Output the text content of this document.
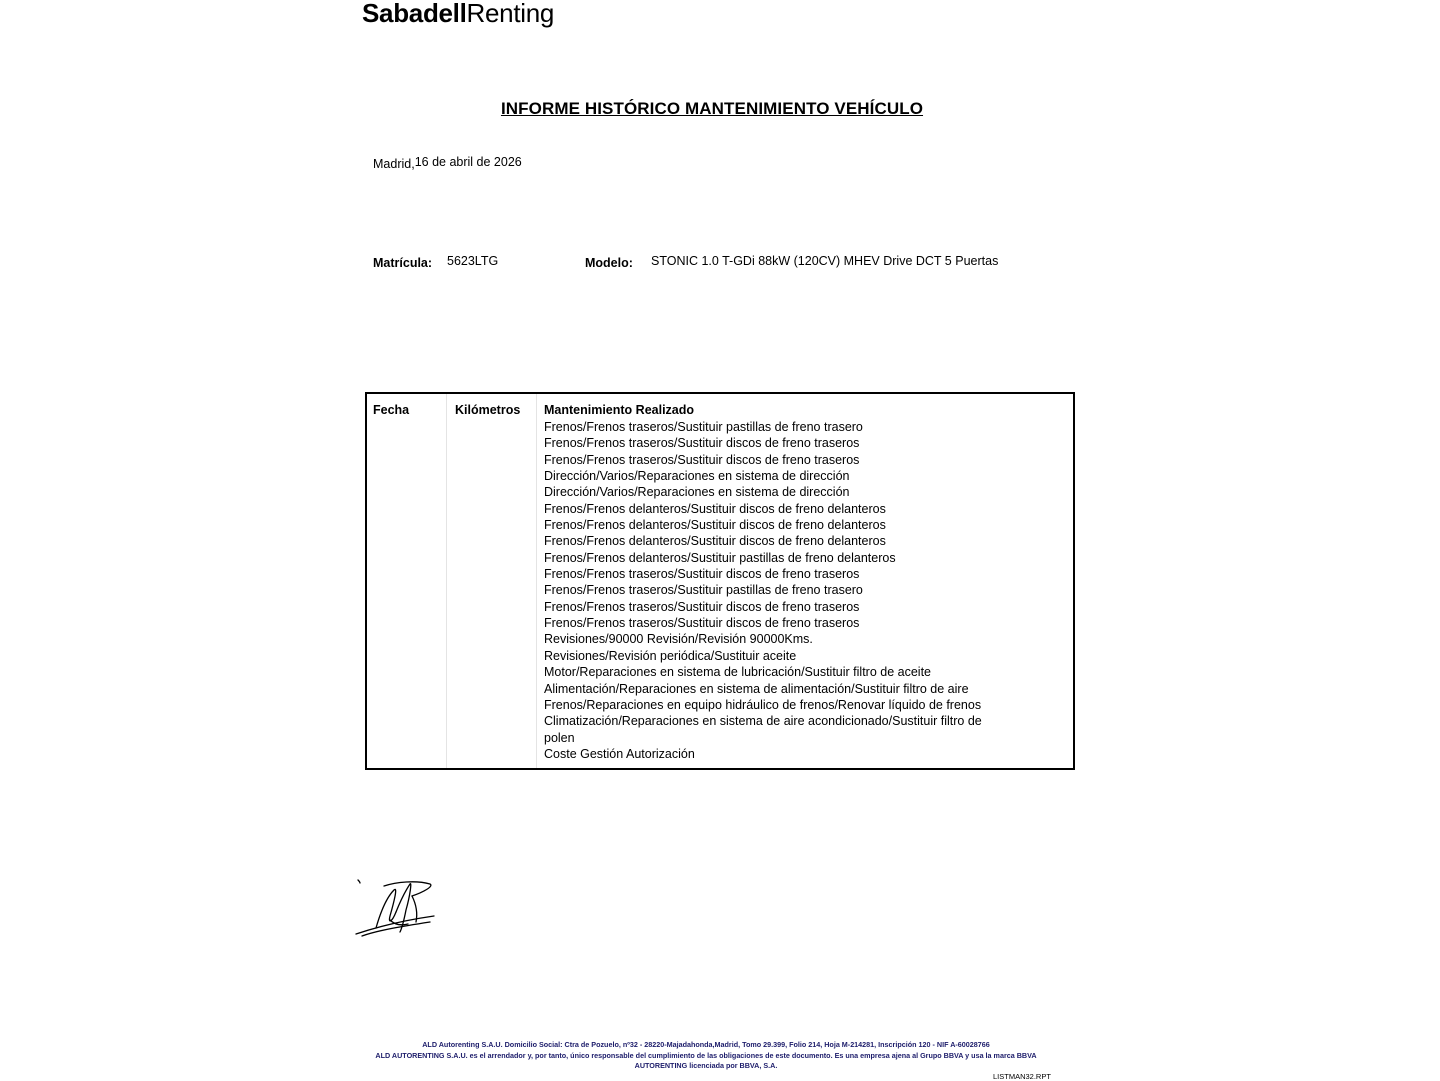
SabadellRenting
INFORME HISTÓRICO MANTENIMIENTO VEHÍCULO
Madrid,16 de abril de 2026
Matrícula: 5623LTG	Modelo: STONIC 1.0 T-GDi 88kW (120CV) MHEV Drive DCT 5 Puertas
Fecha	Kilómetros Mantenimiento Realizado
Frenos/Frenos traseros/Sustituir pastillas de freno trasero
Frenos/Frenos traseros/Sustituir discos de freno traseros
Frenos/Frenos traseros/Sustituir discos de freno traseros
Dirección/Varios/Reparaciones en sistema de dirección
Dirección/Varios/Reparaciones en sistema de dirección
Frenos/Frenos delanteros/Sustituir discos de freno delanteros
Frenos/Frenos delanteros/Sustituir discos de freno delanteros
Frenos/Frenos delanteros/Sustituir discos de freno delanteros
Frenos/Frenos delanteros/Sustituir pastillas de freno delanteros
Frenos/Frenos traseros/Sustituir discos de freno traseros
Frenos/Frenos traseros/Sustituir pastillas de freno trasero
Frenos/Frenos traseros/Sustituir discos de freno traseros
Frenos/Frenos traseros/Sustituir discos de freno traseros
Revisiones/90000 Revisión/Revisión 90000Kms.
Revisiones/Revisión periódica/Sustituir aceite
Motor/Reparaciones en sistema de lubricación/Sustituir filtro de aceite
Alimentación/Reparaciones en sistema de alimentación/Sustituir filtro de aire
Frenos/Reparaciones en equipo hidráulico de frenos/Renovar líquido de frenos
Climatización/Reparaciones en sistema de aire acondicionado/Sustituir filtro de polen
Coste Gestión Autorización
ALD Autorenting S.A.U. Domicilio Social: Ctra de Pozuelo, nº32 - 28220-Majadahonda,Madrid, Tomo 29.399, Folio 214, Hoja M-214281, Inscripción 120 - NIF A-60028766
ALD AUTORENTING S.A.U. es el arrendador y, por tanto, único responsable del cumplimiento de las obligaciones de este documento. Es una empresa ajena al Grupo BBVA y usa la marca BBVA
AUTORENTING licenciada por BBVA, S.A.
LISTMAN32.RPT
